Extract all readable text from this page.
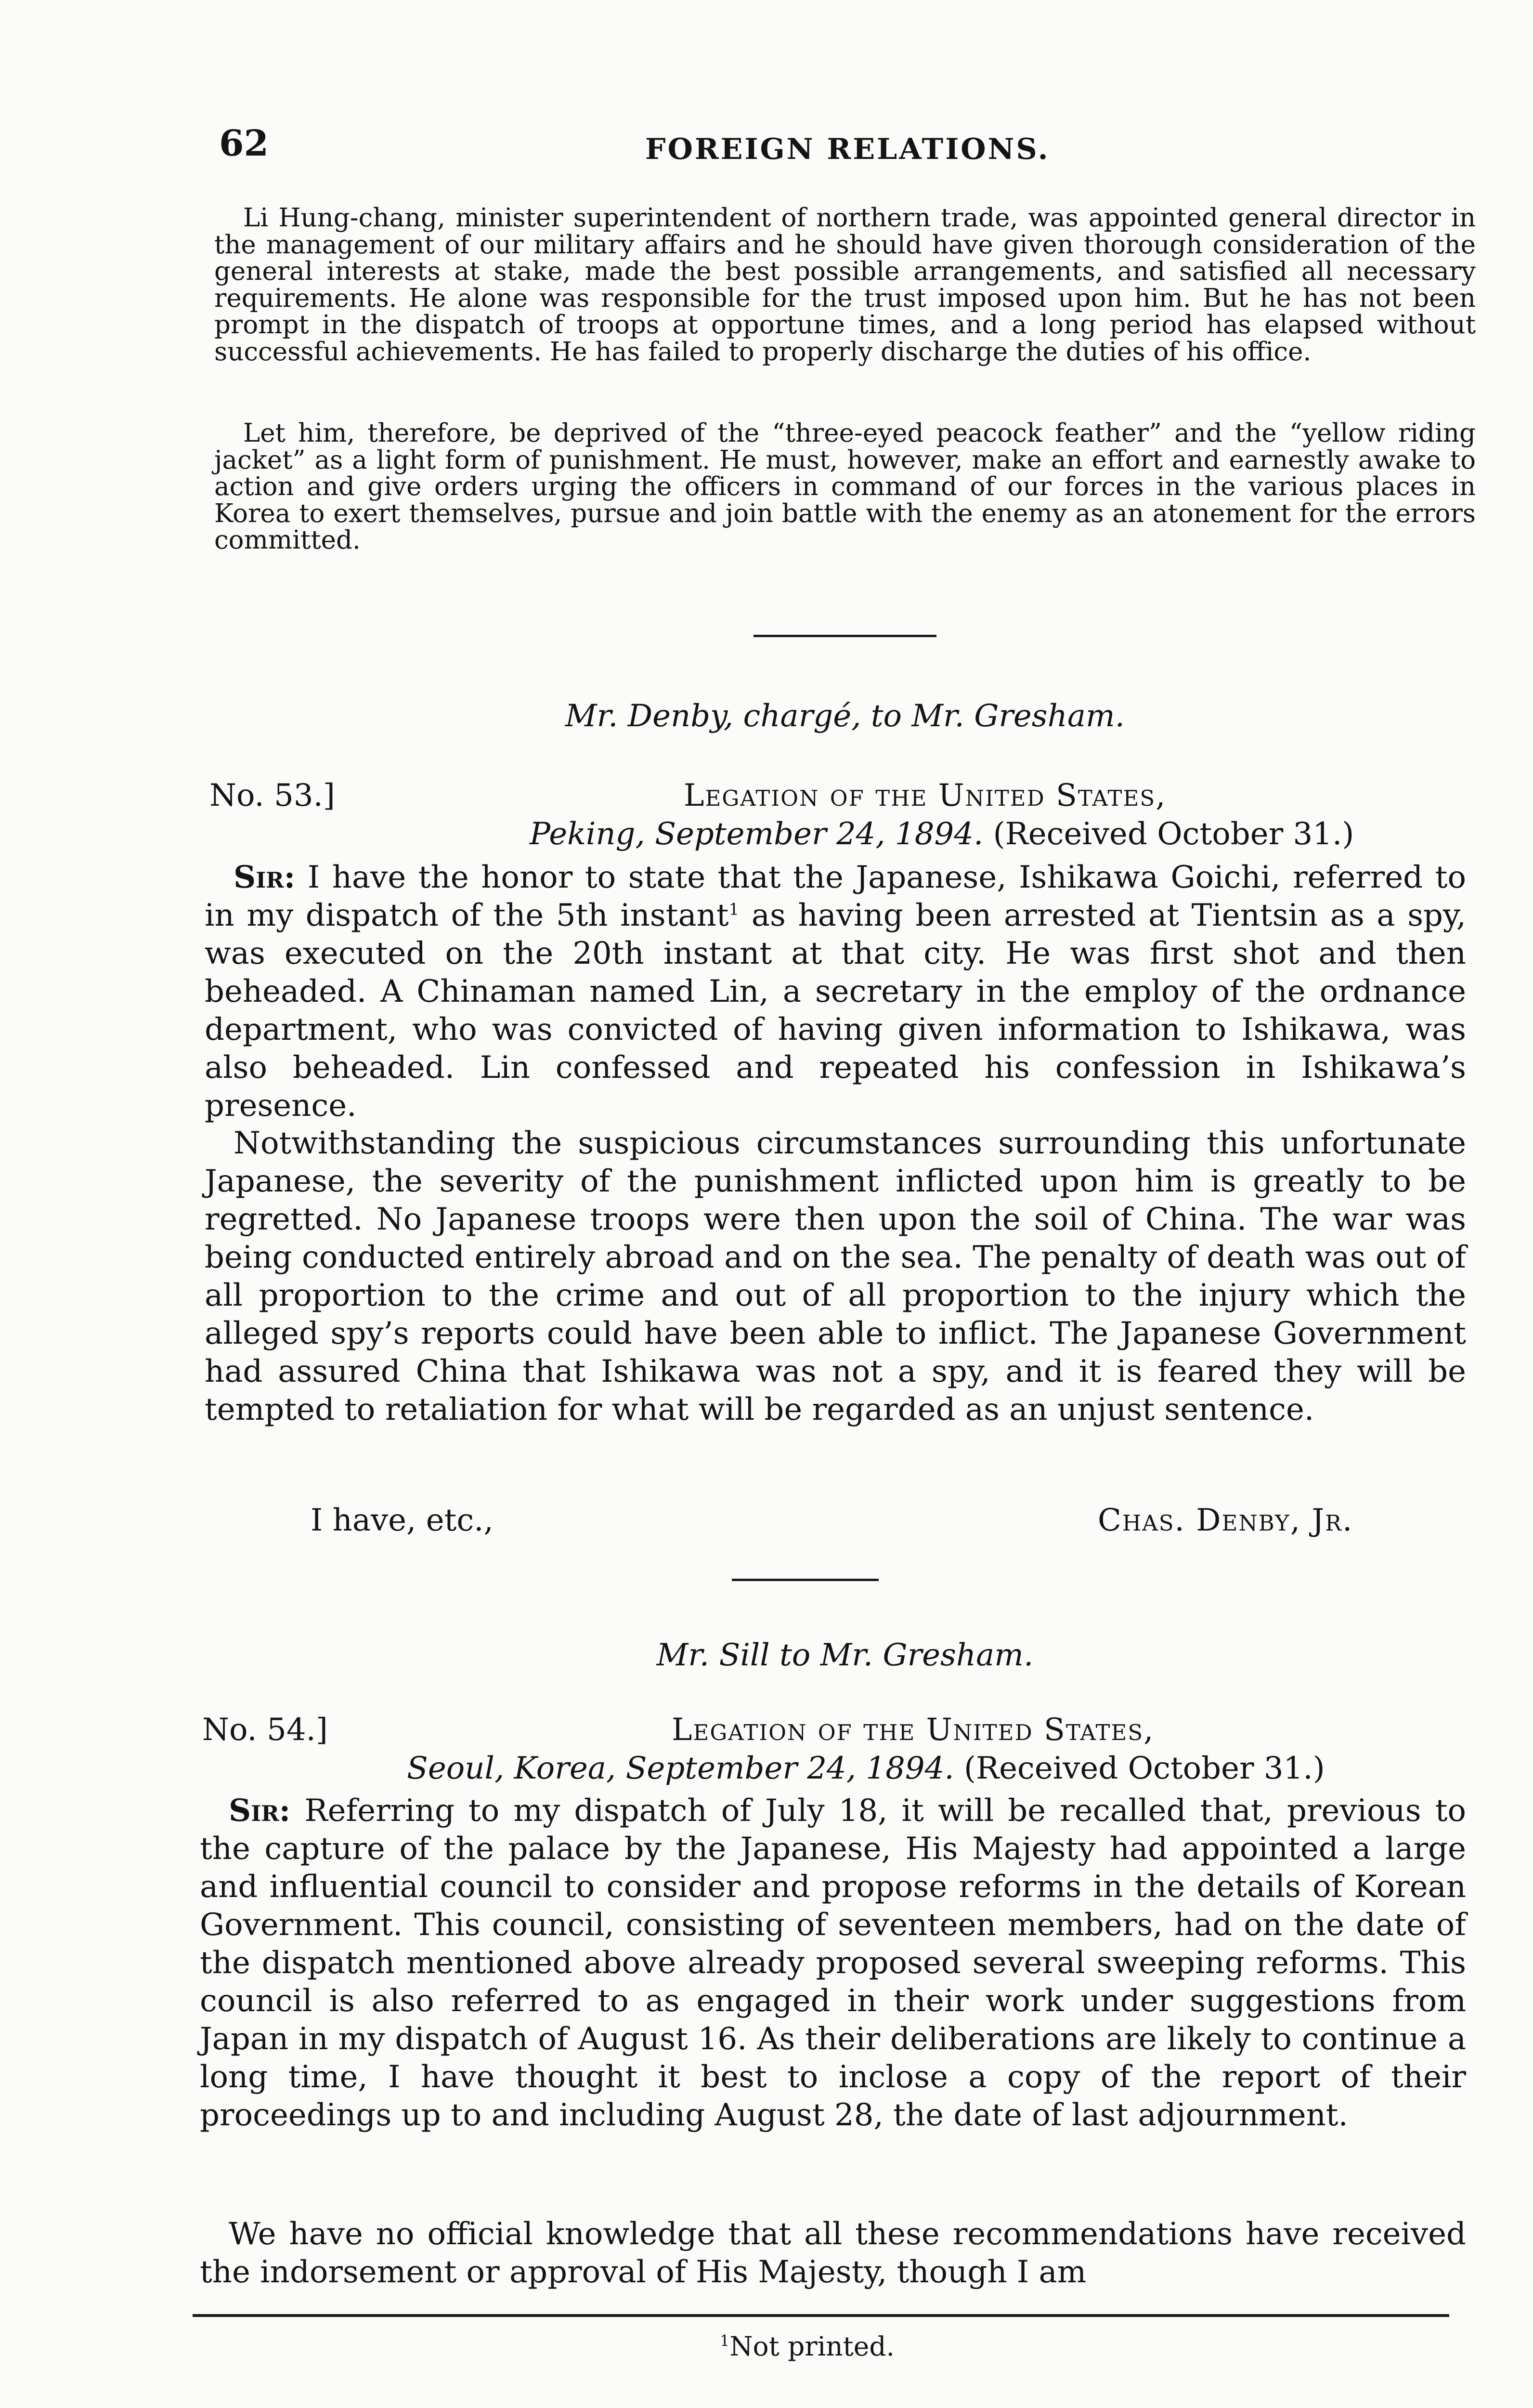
62	FOREIGN RELATIONS.

Li Hung-chang, minister superintendent of northern trade, was appointed general director in the management of our military affairs and he should have given thorough consideration of the general interests at stake, made the best possible arrangements, and satisfied all necessary requirements. He alone was responsible for the trust imposed upon him. But he has not been prompt in the dispatch of troops at opportune times, and a long period has elapsed without successful achievements. He has failed to properly discharge the duties of his office.

Let him, therefore, be deprived of the “three-eyed peacock feather” and the “yellow riding jacket” as a light form of punishment. He must, however, make an effort and earnestly awake to action and give orders urging the officers in command of our forces in the various places in Korea to exert themselves, pursue and join battle with the enemy as an atonement for the errors committed.

Mr. Denby, chargé, to Mr. Gresham.
No. 53.]	Legation of the United States,
Peking, September 24, 1894. (Received October 31.)

Sir: I have the honor to state that the Japanese, Ishikawa Goichi, referred to in my dispatch of the 5th instant$^1$ as having been arrested at Tientsin as a spy, was executed on the 20th instant at that city. He was first shot and then beheaded. A Chinaman named Lin, a secretary in the employ of the ordnance department, who was convicted of having given information to Ishikawa, was also beheaded. Lin confessed and repeated his confession in Ishikawa’s presence.

Notwithstanding the suspicious circumstances surrounding this unfortunate Japanese, the severity of the punishment inflicted upon him is greatly to be regretted. No Japanese troops were then upon the soil of China. The war was being conducted entirely abroad and on the sea. The penalty of death was out of all proportion to the crime and out of all proportion to the injury which the alleged spy’s reports could have been able to inflict. The Japanese Government had assured China that Ishikawa was not a spy, and it is feared they will be tempted to retaliation for what will be regarded as an unjust sentence.

I have, etc.,	Chas. Denby, Jr.
Mr. Sill to Mr. Gresham.
No. 54.]	Legation of the United States,
Seoul, Korea, September 24, 1894. (Received October 31.)

Sir: Referring to my dispatch of July 18, it will be recalled that, previous to the capture of the palace by the Japanese, His Majesty had appointed a large and influential council to consider and propose reforms in the details of Korean Government. This council, consisting of seventeen members, had on the date of the dispatch mentioned above already proposed several sweeping reforms. This council is also referred to as engaged in their work under suggestions from Japan in my dispatch of August 16. As their deliberations are likely to continue a long time, I have thought it best to inclose a copy of the report of their proceedings up to and including August 28, the date of last adjournment.

We have no official knowledge that all these recommendations have received the indorsement or approval of His Majesty, though I am

$^1$Not printed.
